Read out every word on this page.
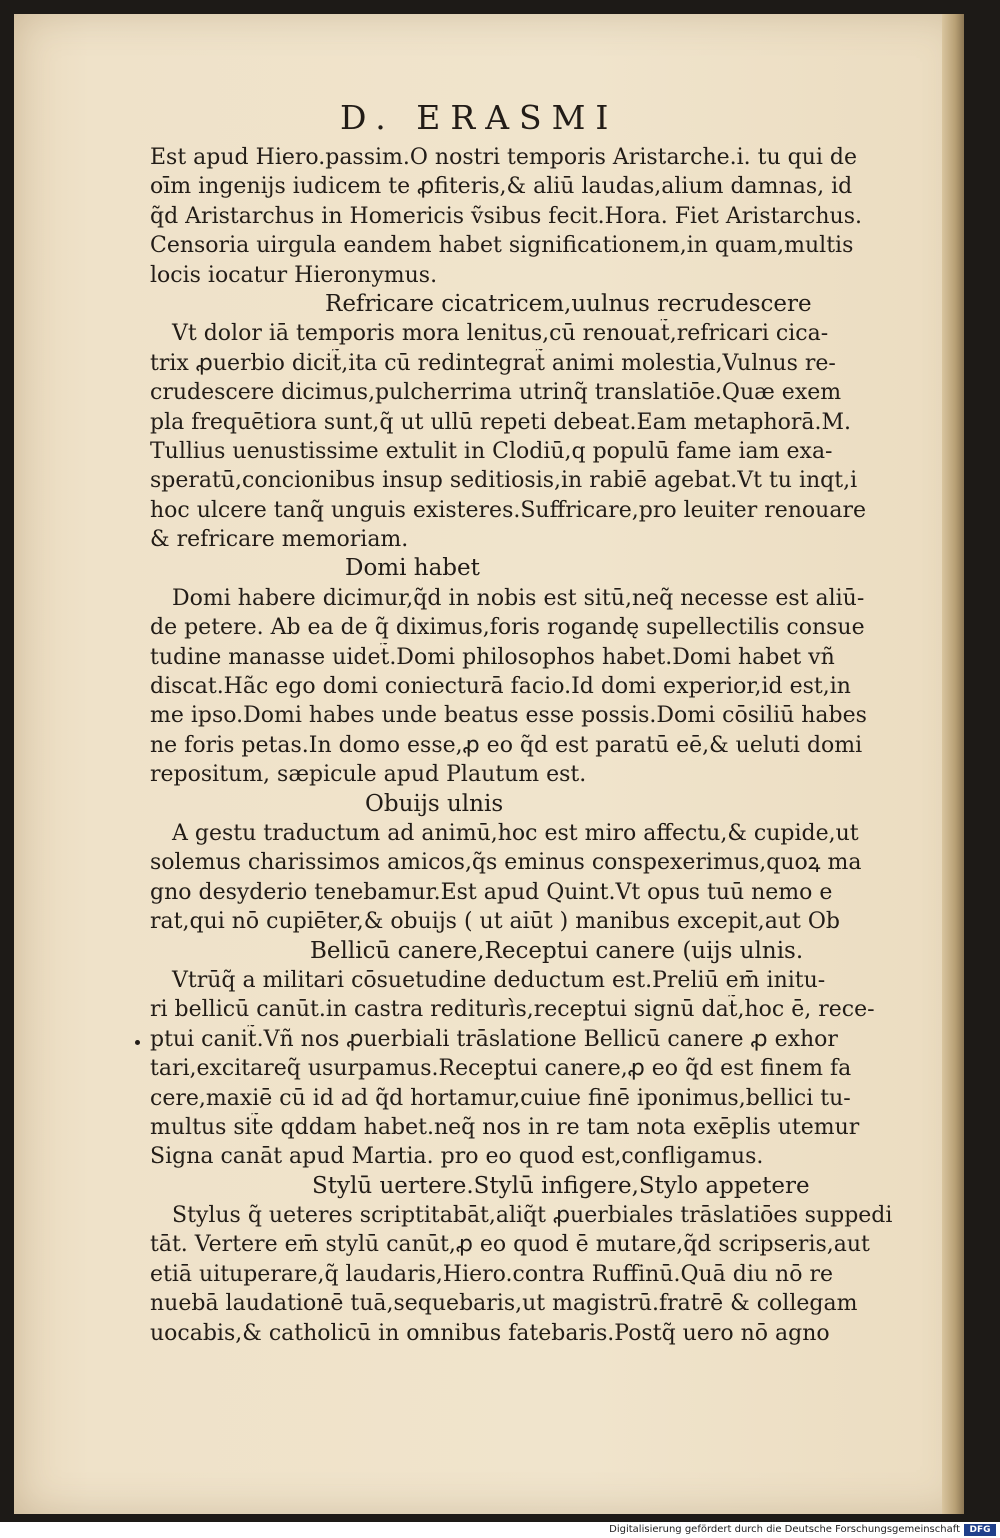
D. ERASMI
Est apud Hiero.passim.O nostri temporis Aristarche.i. tu qui de
oīm ingenijs iudicem te ꝓfiteris,& aliū laudas,alium damnas, id
q̃d Aristarchus in Homericis ṽsibus fecit.Hora. Fiet Aristarchus.
Censoria uirgula eandem habet significationem,in quam,multis
locis iocatur Hieronymus.
Refricare cicatricem,uulnus recrudescere
Vt dolor iā temporis mora lenitus,cū renouat̃,refricari cica-
trix ꝓuerbio dicit̃,ita cū redintegrat̃ animi molestia,Vulnus re-
crudescere dicimus,pulcherrima utrinq̃ translatiōe.Quæ exem
pla frequētiora sunt,q̃ ut ullū repeti debeat.Eam metaphorā.M.
Tullius uenustissime extulit in Clodiū,q populū fame iam exa-
speratū,concionibus insup seditiosis,in rabiē agebat.Vt tu inqt,i
hoc ulcere tanq̃ unguis existeres.Suffricare,pro leuiter renouare
& refricare memoriam.
Domi habet
Domi habere dicimur,q̃d in nobis est sitū,neq̃ necesse est aliū-
de petere. Ab ea de q̃ diximus,foris rogandę supellectilis consue
tudine manasse uidet̃.Domi philosophos habet.Domi habet vñ
discat.Hãc ego domi coniecturā facio.Id domi experior,id est,in
me ipso.Domi habes unde beatus esse possis.Domi cōsiliū habes
ne foris petas.In domo esse,ꝓ eo q̃d est paratū eē,& ueluti domi
repositum, sæpicule apud Plautum est.
Obuijs ulnis
A gestu traductum ad animū,hoc est miro affectu,& cupide,ut
solemus charissimos amicos,q̃s eminus conspexerimus,quoꝝ ma
gno desyderio tenebamur.Est apud Quint.Vt opus tuū nemo e
rat,qui nō cupiēter,& obuijs ( ut aiūt ) manibus excepit,aut Ob
Bellicū canere,Receptui canere (uijs ulnis.
Vtrūq̃ a militari cōsuetudine deductum est.Preliū em̄ initu-
ri bellicū canūt.in castra rediturìs,receptui signū dat̃,hoc ē, rece-
ptui canit̃.Vñ nos ꝓuerbiali trāslatione Bellicū canere ꝓ exhor
tari,excitareq̃ usurpamus.Receptui canere,ꝓ eo q̃d est finem fa
cere,maxiē cū id ad q̃d hortamur,cuiue finē iponimus,bellici tu-
multus sit̃e qddam habet.neq̃ nos in re tam nota exēplis utemur
Signa canāt apud Martia. pro eo quod est,confligamus.
Stylū uertere.Stylū infigere,Stylo appetere
Stylus q̃ ueteres scriptitabāt,aliq̃t ꝓuerbiales trāslatiōes suppedi
tāt. Vertere em̄ stylū canūt,ꝓ eo quod ē mutare,q̃d scripseris,aut
etiā uituperare,q̃ laudaris,Hiero.contra Ruffinū.Quā diu nō re
nuebā laudationē tuā,sequebaris,ut magistrū.fratrē & collegam
uocabis,& catholicū in omnibus fatebaris.Postq̃ uero nō agno
Digitalisierung gefördert durch die Deutsche Forschungsgemeinschaft	DFG
